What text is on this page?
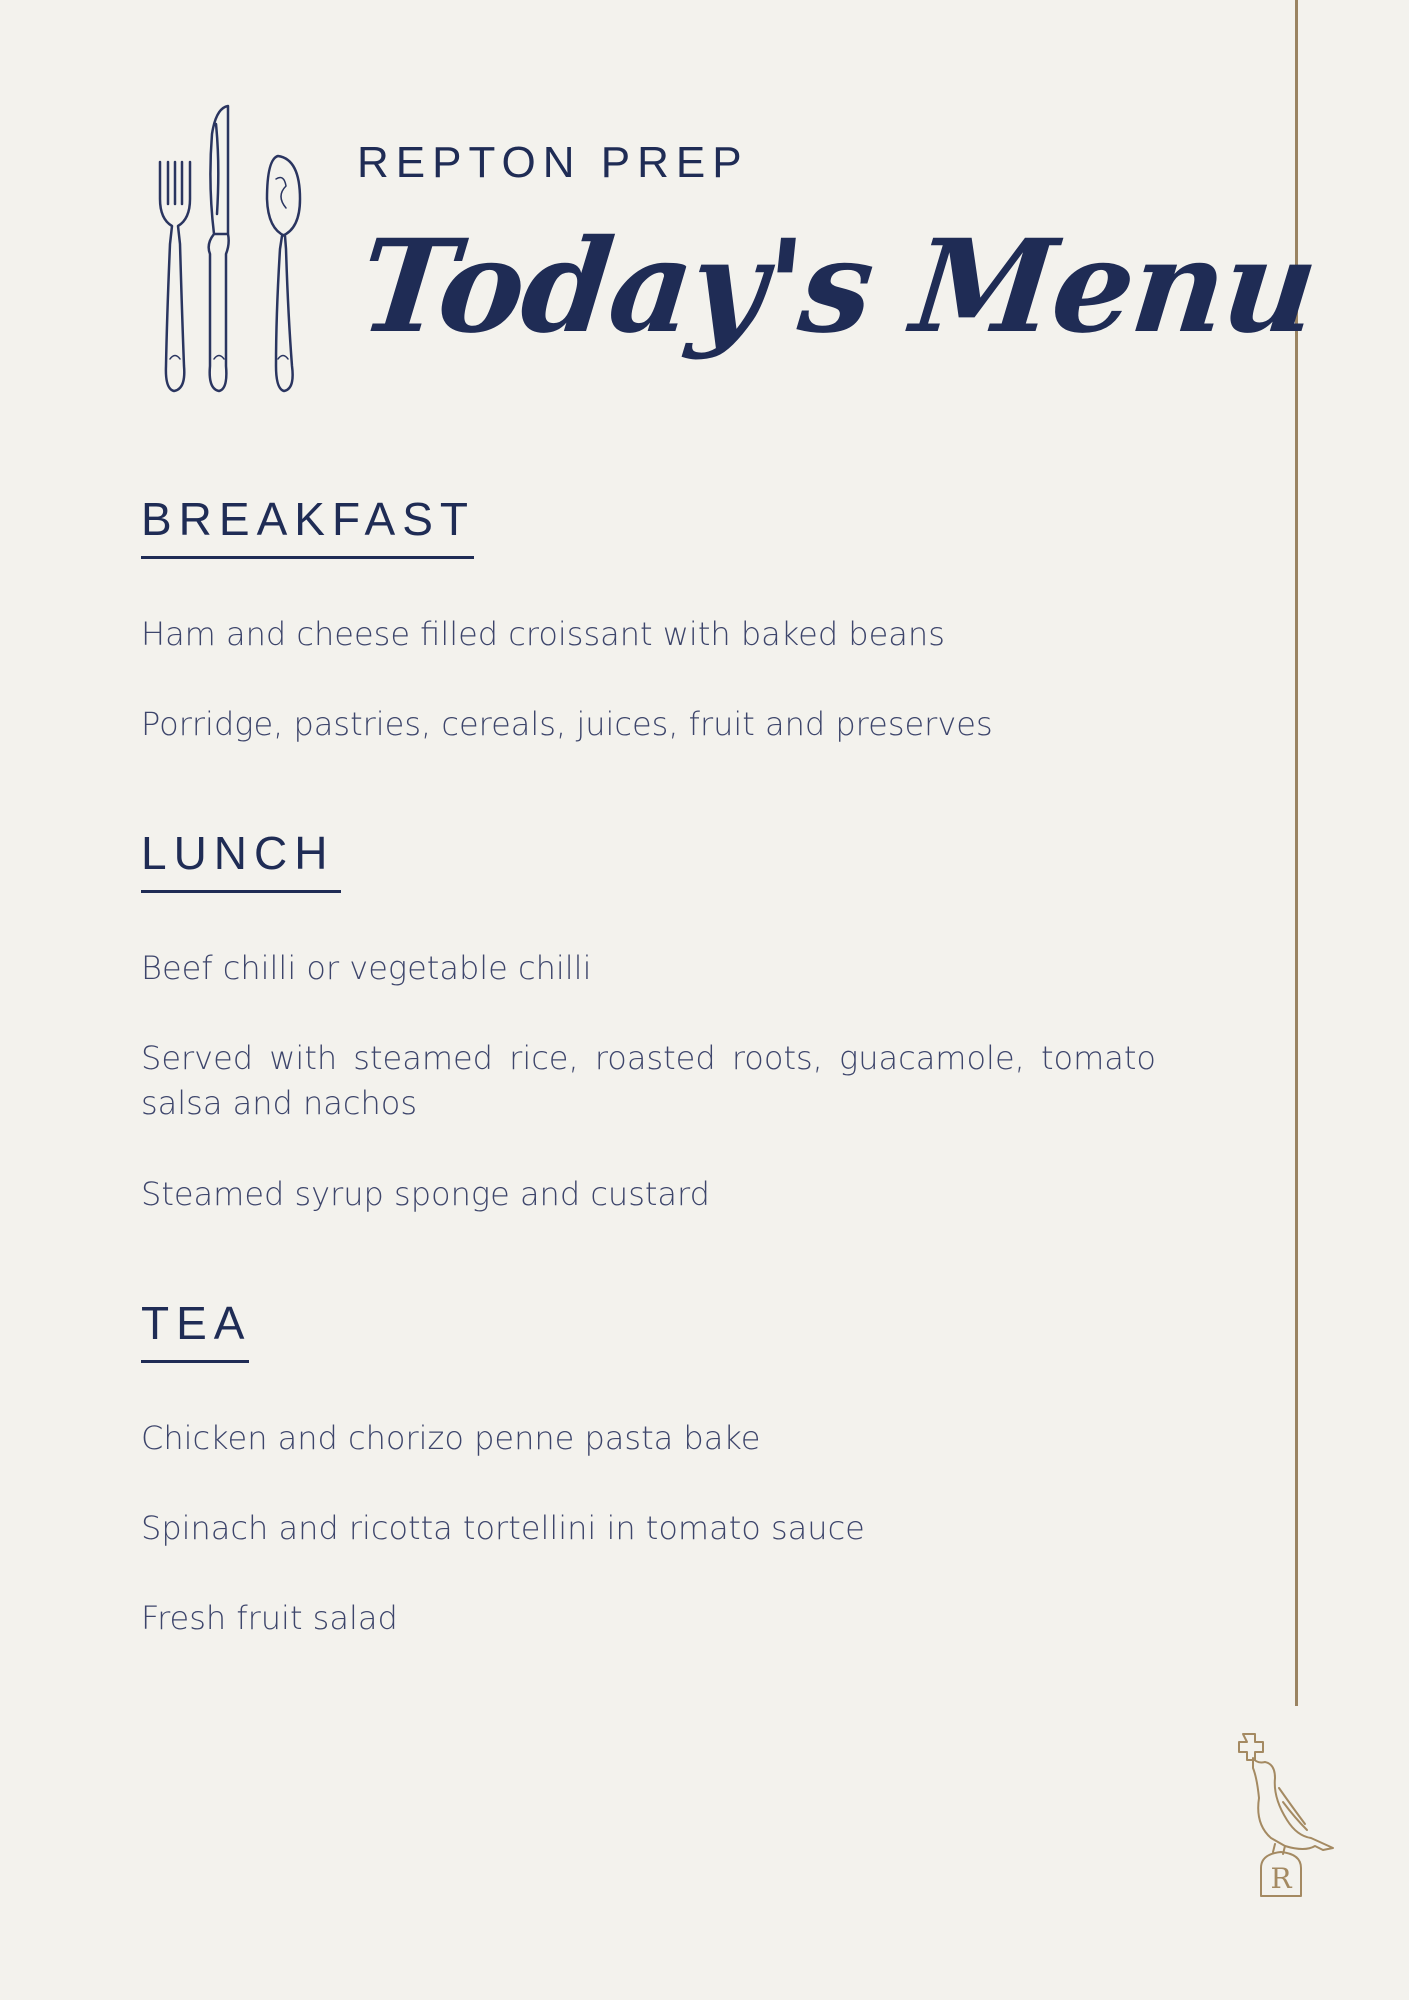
REPTON PREP
Today's Menu
BREAKFAST

Ham and cheese filled croissant with baked beans

Porridge, pastries, cereals, juices, fruit and preserves

LUNCH

Beef chilli or vegetable chilli

Served with steamed rice, roasted roots, guacamole, tomato salsa and nachos

Steamed syrup sponge and custard

TEA

Chicken and chorizo penne pasta bake

Spinach and ricotta tortellini in tomato sauce

Fresh fruit salad

R
